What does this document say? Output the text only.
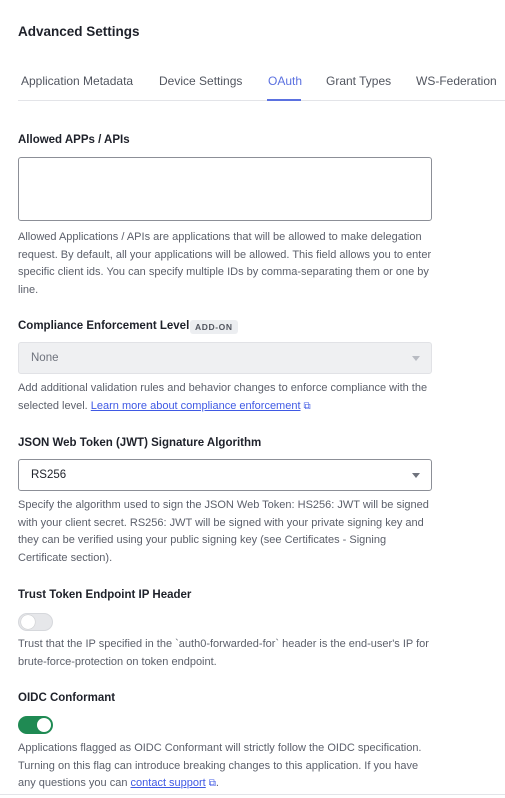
Advanced Settings
Application Metadata Device Settings OAuth Grant Types WS-Federation
Allowed APPs / APIs
Allowed Applications / APIs are applications that will be allowed to make delegation request. By default, all your applications will be allowed. This field allows you to enter specific client ids. You can specify multiple IDs by comma-separating them or one by line.
Compliance Enforcement Level ADD-ON
None
Add additional validation rules and behavior changes to enforce compliance with the selected level. Learn more about compliance enforcement ⧉
JSON Web Token (JWT) Signature Algorithm
RS256
Specify the algorithm used to sign the JSON Web Token: HS256: JWT will be signed with your client secret. RS256: JWT will be signed with your private signing key and they can be verified using your public signing key (see Certificates - Signing Certificate section).
Trust Token Endpoint IP Header
Trust that the IP specified in the `auth0-forwarded-for` header is the end-user's IP for brute-force-protection on token endpoint.
OIDC Conformant
Applications flagged as OIDC Conformant will strictly follow the OIDC specification. Turning on this flag can introduce breaking changes to this application. If you have any questions you can contact support ⧉.
